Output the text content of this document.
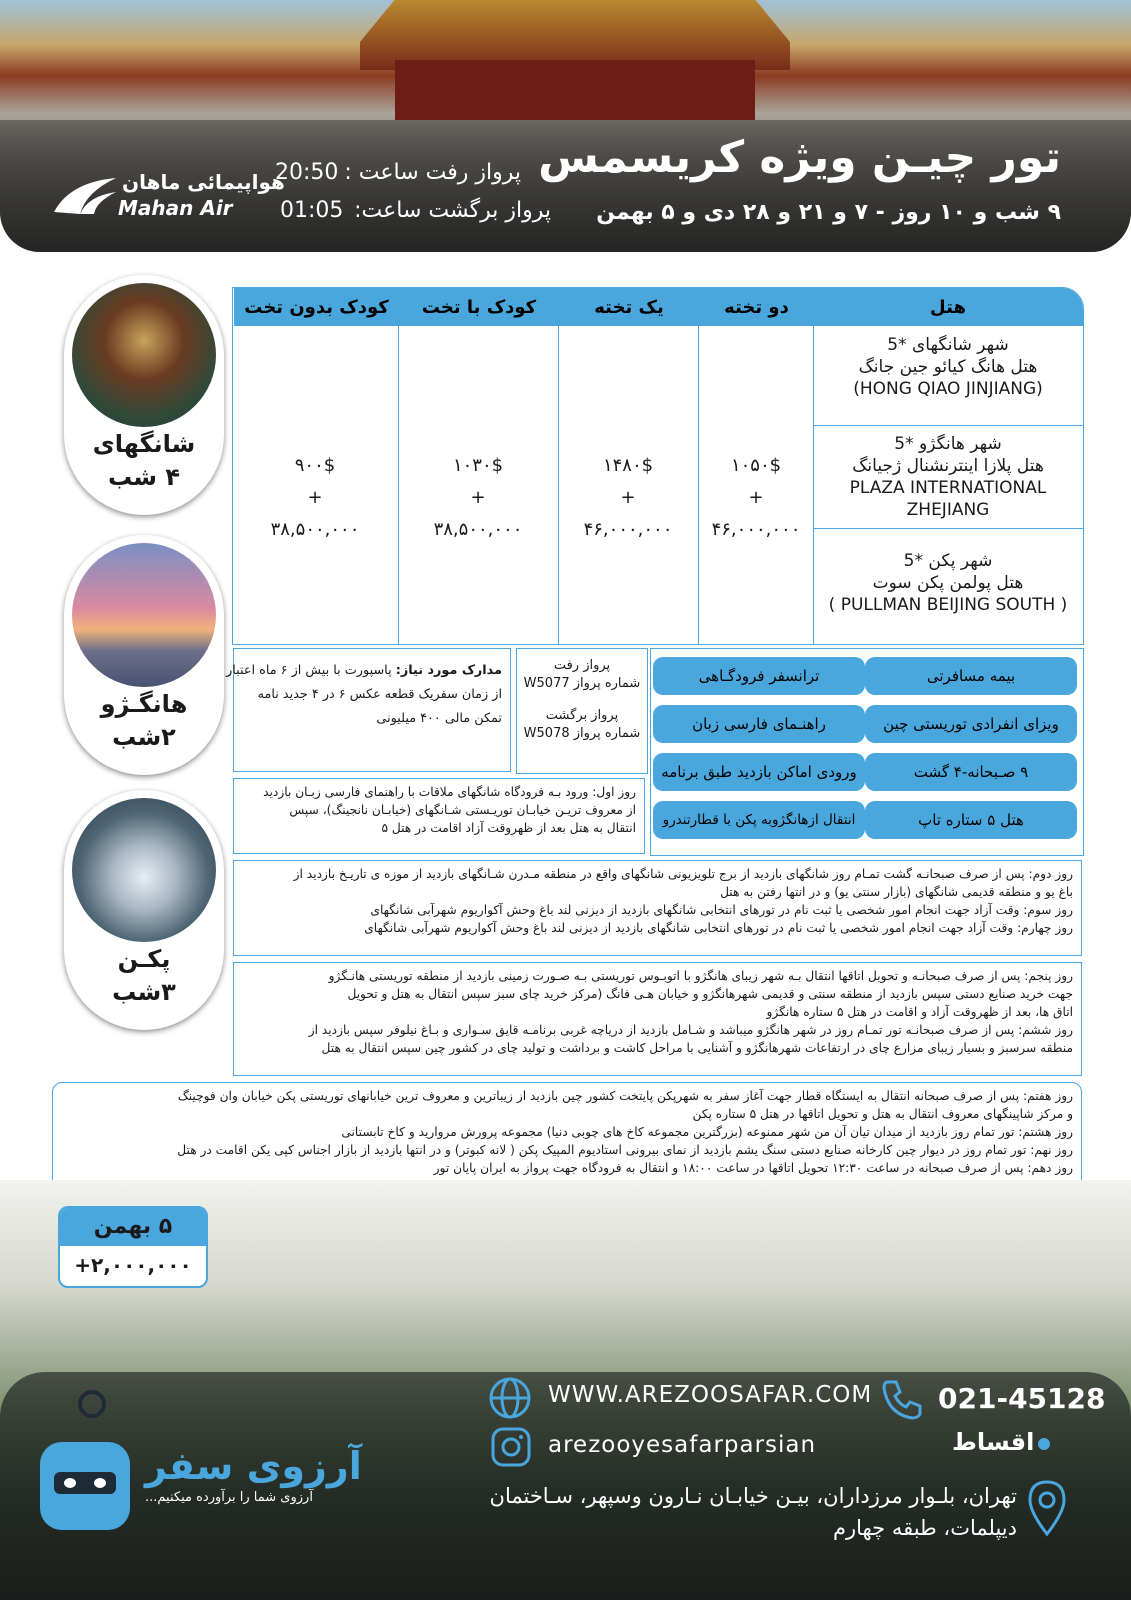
تور چیـن ویژه کریسمس
۹ شب و ۱۰ روز - ۷ و ۲۱ و ۲۸ دی و ۵ بهمن
پرواز رفت ساعت :
20:50
پرواز برگشت ساعت:
01:05
هواپیمائی ماهان
Mahan Air
شانگهای
۴ شب
هانگـژو
۲شب
پکـن
۳شب
هتل
دو تخته
یک تخته
کودک با تخت
کودک بدون تخت
شهر شانگهای *5
هتل هانگ کیائو جین جانگ
(HONG QIAO JINJIANG)
شهر هانگژو *5
هتل پلازا اینترنشنال ژجیانگ
PLAZA INTERNATIONAL ZHEJIANG
شهر پکن *5
هتل پولمن پکن سوت
( PULLMAN BEIJING SOUTH )
۱۰۵۰$
+
۴۶,۰۰۰,۰۰۰
۱۴۸۰$
+
۴۶,۰۰۰,۰۰۰
۱۰۳۰$
+
۳۸,۵۰۰,۰۰۰
۹۰۰$
+
۳۸,۵۰۰,۰۰۰
بیمه مسافرتی
ترانسفر فرودگـاهی
ویزای انفرادی توریستی چین
راهنـمای فارسی زبان
۹ صـبحانه-۴ گشت
ورودی اماکن بازدید طبق برنامه
هتل ۵ ستاره تاپ
انتقال ازهانگژوبه پکن با قطارتندرو
پرواز رفت
شماره پرواز W5077
پرواز برگشت
شماره پرواز W5078
مدارک مورد نیاز: پاسپورت با بیش از ۶ ماه اعتبار
از زمان سفریک قطعه عکس ۶ در ۴ جدید نامه
تمکن مالی ۴۰۰ میلیونی
روز اول: ورود بـه فرودگاه شانگهای ملاقات با راهنمای فارسی زبـان بازدید
از معروف تریـن خیابـان توریـستی شـانگهای (خیابـان نانجینگ)، سپس
انتقال به هتل بعد از ظهروقت آزاد اقامت در هتل ۵
روز دوم: پس از صرف صبحانـه گشت تمـام روز شانگهای بازدید از برج تلویزیونی شانگهای واقع در منطقه مـدرن شـانگهای بازدید از موزه ی تاریـخ بازدید از
باغ یو و منطقه قدیمی شانگهای (بازار سنتی یو) و در انتها رفتن به هتل
روز سوم: وقت آزاد جهت انجام امور شخصی یا ثبت نام در تورهای انتخابی شانگهای بازدید از دیزنی لند باغ وحش آکواریوم شهرآبی شانگهای
روز چهارم: وقت آزاد جهت انجام امور شخصی یا ثبت نام در تورهای انتخابی شانگهای بازدید از دیزنی لند باغ وحش آکواریوم شهرآبی شانگهای
روز پنجم: پس از صرف صبحانـه و تحویل اتاقها انتقال بـه شهر زیبای هانگژو با اتوبـوس توریستی بـه صـورت زمینی بازدید از منطقه توریستی هانـگژو
جهت خرید صنایع دستی سپس بازدید از منطقه سنتی و قدیمی شهرهانگژو و خیابان هـی فانگ (مرکز خرید چای سبز سپس انتقال به هتل و تحویل
اتاق ها، بعد از ظهروقت آزاد و اقامت در هتل ۵ ستاره هانگژو
روز ششم: پس از صرف صبحانـه تور تمـام روز در شهر هانگژو میباشد و شـامل بازدید از دریاچه غربی برنامـه قایق سـواری و بـاغ نیلوفر سپس بازدید از
منطقه سرسبز و بسیار زیبای مزارع چای در ارتفاعات شهرهانگژو و آشنایی با مراحل کاشت و برداشت و تولید چای در کشور چین سپس انتقال به هتل
روز هفتم: پس از صرف صبحانه انتقال به ایستگاه قطار جهت آغاز سفر به شهرپکن پایتخت کشور چین بازدید از زیباترین و معروف ترین خیابانهای توریستی پکن خیابان وان فوچینگ
و مرکز شاپینگهای معروف انتقال به هتل و تحویل اتاقها در هتل ۵ ستاره پکن
روز هشتم: تور تمام روز بازدید از میدان تیان آن من شهر ممنوعه (بزرگترین مجموعه کاخ های چوبی دنیا) مجموعه پرورش مروارید و کاخ تابستانی
روز نهم: تور تمام روز در دیوار چین کارخانه صنایع دستی سنگ یشم بازدید از نمای بیرونی استادیوم المپیک پکن ( لانه کبوتر) و در انتها بازدید از بازار اجناس کپی یکن اقامت در هتل
روز دهم: پس از صرف صبحانه در ساعت ۱۲:۳۰ تحویل اتاقها در ساعت ۱۸:۰۰ و انتقال به فرودگاه جهت پرواز به ایران پایان تور
۵ بهمن
+۲,۰۰۰,۰۰۰
آرزوی سفر
آرزوی شما را برآورده میکنیم...
WWW.AREZOOSAFAR.COM
arezooyesafarparsian
021-45128
اقساط
تهران، بلـوار مرزداران، بیـن خیابـان نـارون وسپهر، سـاختمان
دیپلمات، طبقه چهارم
